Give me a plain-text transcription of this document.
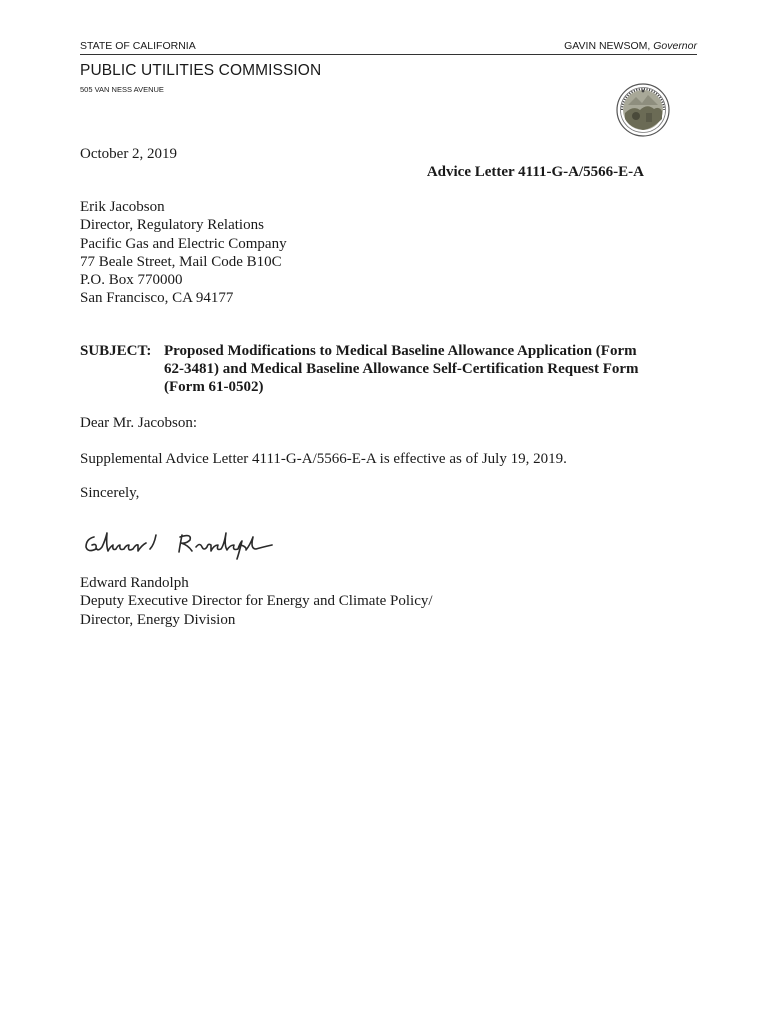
STATE OF CALIFORNIA	GAVIN NEWSOM, Governor
PUBLIC UTILITIES COMMISSION
505 VAN NESS AVENUE
October 2, 2019
Advice Letter 4111-G-A/5566-E-A
Erik Jacobson
Director, Regulatory Relations
Pacific Gas and Electric Company
77 Beale Street, Mail Code B10C
P.O. Box 770000
San Francisco, CA 94177
SUBJECT: Proposed Modifications to Medical Baseline Allowance Application (Form
62-3481) and Medical Baseline Allowance Self-Certification Request Form
(Form 61-0502)
Dear Mr. Jacobson:
Supplemental Advice Letter 4111-G-A/5566-E-A is effective as of July 19, 2019.
Sincerely,
Edward Randolph
Deputy Executive Director for Energy and Climate Policy/
Director, Energy Division
